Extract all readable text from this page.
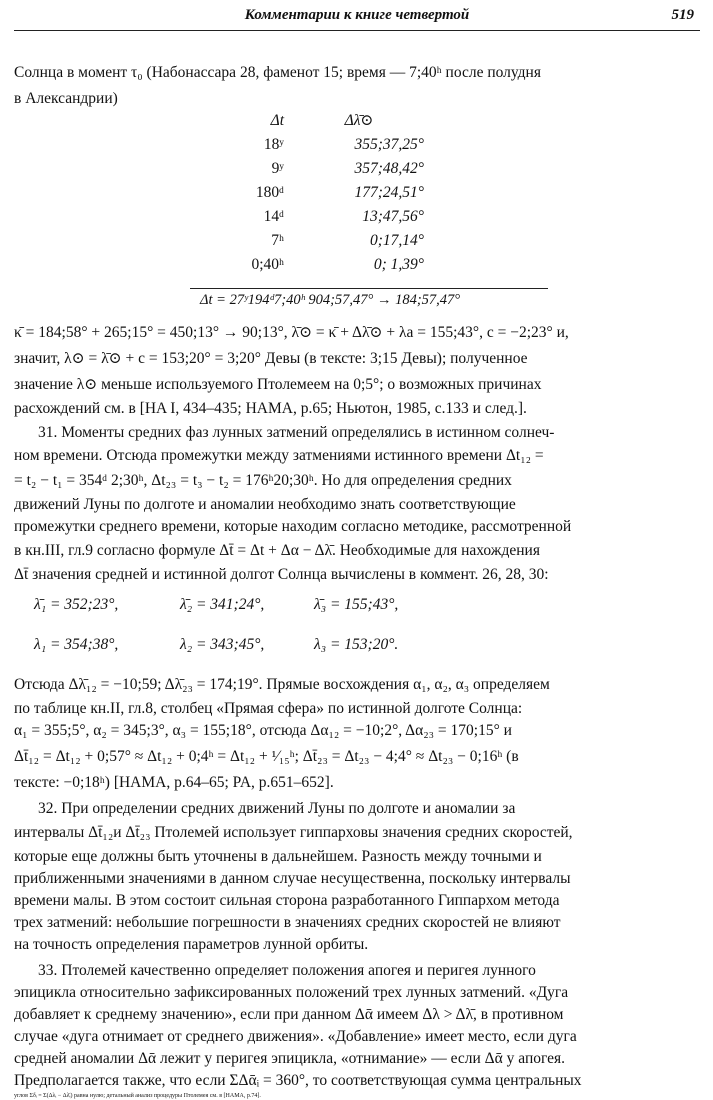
Комментарии к книге четвертой	519
Солнца в момент τ₀ (Набонассара 28, фаменот 15; время — 7;40ʰ после полудня
в Александрии)
Δt	Δλ̄⊙
18ʸ	355;37,25°
9ʸ	357;48,42°
180ᵈ	177;24,51°
14ᵈ	13;47,56°
7ʰ	0;17,14°
0;40ʰ	0; 1,39°
Δt = 27ʸ194ᵈ7;40ʰ 904;57,47° → 184;57,47°
κ̄ = 184;58° + 265;15° = 450;13° → 90;13°, λ̄⊙ = κ̄ + Δλ̄⊙ + λa = 155;43°, c = −2;23° и,
значит, λ⊙ = λ̄⊙ + c = 153;20° = 3;20° Девы (в тексте: 3;15 Девы); полученное
значение λ⊙ меньше используемого Птолемеем на 0;5°; о возможных причинах
расхождений см. в [HA I, 434–435; HAMA, p.65; Ньютон, 1985, с.133 и след.].
31. Моменты средних фаз лунных затмений определялись в истинном солнеч-
ном времени. Отсюда промежутки между затмениями истинного времени Δt₁₂ =
= t₂ − t₁ = 354ᵈ 2;30ʰ, Δt₂₃ = t₃ − t₂ = 176ʰ20;30ʰ. Но для определения средних
движений Луны по долготе и аномалии необходимо знать соответствующие
промежутки среднего времени, которые находим согласно методике, рассмотренной
в кн.III, гл.9 согласно формуле Δt̄ = Δt + Δα − Δλ̄. Необходимые для нахождения
Δt̄ значения средней и истинной долгот Солнца вычислены в коммент. 26, 28, 30:
λ̄₁ = 352;23°,	λ̄₂ = 341;24°,	λ̄₃ = 155;43°,
λ₁ = 354;38°,	λ₂ = 343;45°,	λ₃ = 153;20°.
Отсюда Δλ̄₁₂ = −10;59; Δλ̄₂₃ = 174;19°. Прямые восхождения α₁, α₂, α₃ определяем
по таблице кн.II, гл.8, столбец «Прямая сфера» по истинной долготе Солнца:
α₁ = 355;5°, α₂ = 345;3°, α₃ = 155;18°, отсюда Δα₁₂ = −10;2°, Δα₂₃ = 170;15° и
Δt̄₁₂ = Δt₁₂ + 0;57° ≈ Δt₁₂ + 0;4ʰ = Δt₁₂ + ¹⁄₁₅ʰ; Δt̄₂₃ = Δt₂₃ − 4;4° ≈ Δt₂₃ − 0;16ʰ (в
тексте: −0;18ʰ) [HAMA, p.64–65; PA, p.651–652].
32. При определении средних движений Луны по долготе и аномалии за
интервалы Δt̄₁₂и Δt̄₂₃ Птолемей использует гиппарховы значения средних скоростей,
которые еще должны быть уточнены в дальнейшем. Разность между точными и
приближенными значениями в данном случае несущественна, поскольку интервалы
времени малы. В этом состоит сильная сторона разработанного Гиппархом метода
трех затмений: небольшие погрешности в значениях средних скоростей не влияют
на точность определения параметров лунной орбиты.
33. Птолемей качественно определяет положения апогея и перигея лунного
эпицикла относительно зафиксированных положений трех лунных затмений. «Дуга
добавляет к среднему значению», если при данном Δᾱ имеем Δλ > Δλ̄, в противном
случае «дуга отнимает от среднего движения». «Добавление» имеет место, если дуга
средней аномалии Δᾱ лежит у перигея эпицикла, «отнимание» — если Δᾱ у апогея.
Предполагается также, что если ΣΔᾱᵢ = 360°, то соответствующая сумма центральных
углов Σδᵢ = Σ(Δλᵢ − Δλ̄ᵢ) равна нулю; детальный анализ процедуры Птолемея см. в [HAMA, p.74].
